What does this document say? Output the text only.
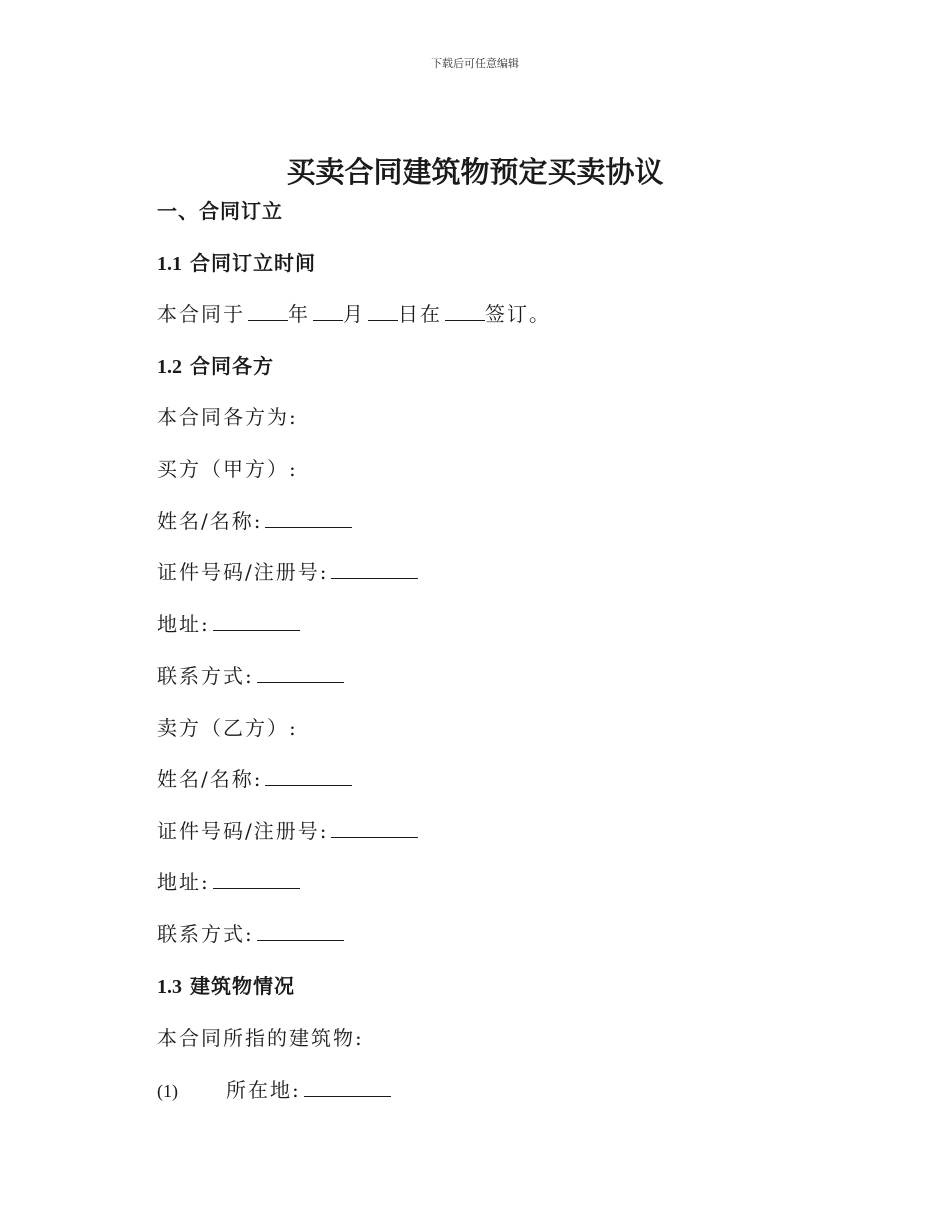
下载后可任意编辑
买卖合同建筑物预定买卖协议
一、合同订立
1.1 合同订立时间
本合同于 年 月 日在 签订。
1.2 合同各方
本合同各方为:
买方（甲方）:
姓名/名称:
证件号码/注册号:
地址:
联系方式:
卖方（乙方）:
姓名/名称:
证件号码/注册号:
地址:
联系方式:
1.3 建筑物情况
本合同所指的建筑物:
(1) 所在地:
